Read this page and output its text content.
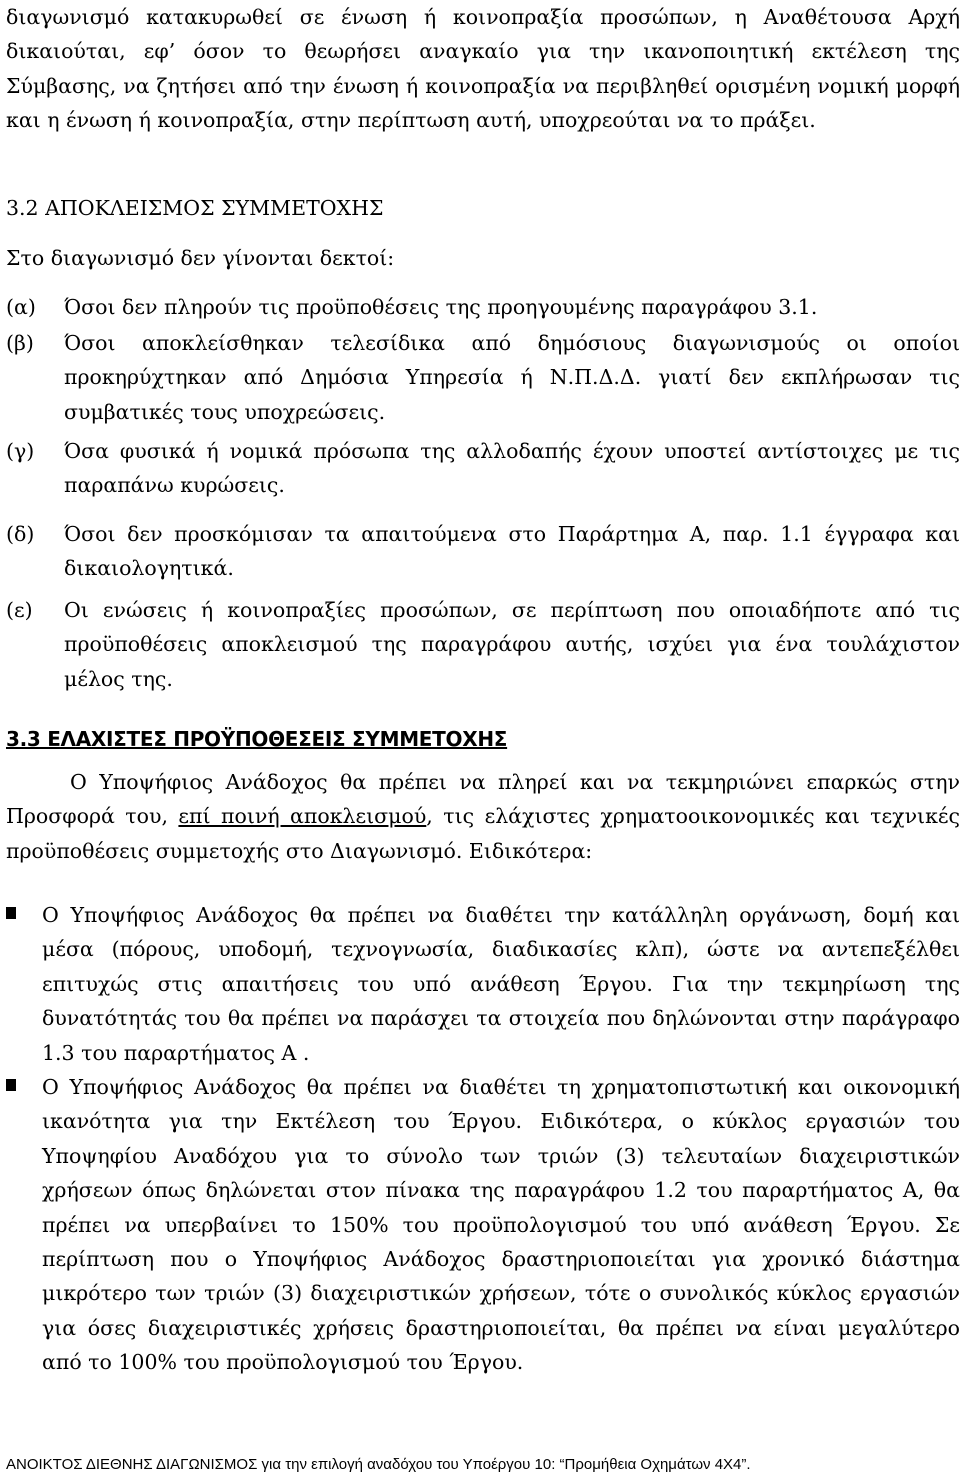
διαγωνισμό κατακυρωθεί σε ένωση ή κοινοπραξία προσώπων, η Αναθέτουσα Αρχή δικαιούται, εφ’ όσον το θεωρήσει αναγκαίο για την ικανοποιητική εκτέλεση της Σύμβασης, να ζητήσει από την ένωση ή κοινοπραξία να περιβληθεί ορισμένη νομική μορφή και η ένωση ή κοινοπραξία, στην περίπτωση αυτή, υποχρεούται να το πράξει.

3.2 ΑΠΟΚΛΕΙΣΜΟΣ ΣΥΜΜΕΤΟΧΗΣ

Στο διαγωνισμό δεν γίνονται δεκτοί:

(α)	Όσοι δεν πληρούν τις προϋποθέσεις της προηγουμένης παραγράφου 3.1.
(β)	Όσοι αποκλείσθηκαν τελεσίδικα από δημόσιους διαγωνισμούς οι οποίοι προκηρύχτηκαν από Δημόσια Υπηρεσία ή Ν.Π.Δ.Δ. γιατί δεν εκπλήρωσαν τις συμβατικές τους υποχρεώσεις.
(γ)	Όσα φυσικά ή νομικά πρόσωπα της αλλοδαπής έχουν υποστεί αντίστοιχες με τις παραπάνω κυρώσεις.
(δ)	Όσοι δεν προσκόμισαν τα απαιτούμενα στο Παράρτημα Α, παρ. 1.1 έγγραφα και δικαιολογητικά.
(ε)	Οι ενώσεις ή κοινοπραξίες προσώπων, σε περίπτωση που οποιαδήποτε από τις προϋποθέσεις αποκλεισμού της παραγράφου αυτής, ισχύει για ένα τουλάχιστον μέλος της.
3.3 ΕΛΑΧΙΣΤΕΣ ΠΡΟΫΠΟΘΕΣΕΙΣ ΣΥΜΜΕΤΟΧΗΣ

Ο Υποψήφιος Ανάδοχος θα πρέπει να πληρεί και να τεκμηριώνει επαρκώς στην Προσφορά του, επί ποινή αποκλεισμού, τις ελάχιστες χρηματοοικονομικές και τεχνικές προϋποθέσεις συμμετοχής στο Διαγωνισμό. Ειδικότερα:

Ο Υποψήφιος Ανάδοχος θα πρέπει να διαθέτει την κατάλληλη οργάνωση, δομή και μέσα (πόρους, υποδομή, τεχνογνωσία, διαδικασίες κλπ), ώστε να αντεπεξέλθει επιτυχώς στις απαιτήσεις του υπό ανάθεση Έργου. Για την τεκμηρίωση της δυνατότητάς του θα πρέπει να παράσχει τα στοιχεία που δηλώνονται στην παράγραφο 1.3 του παραρτήματος Α .
Ο Υποψήφιος Ανάδοχος θα πρέπει να διαθέτει τη χρηματοπιστωτική και οικονομική ικανότητα για την Εκτέλεση του Έργου. Ειδικότερα, ο κύκλος εργασιών του Υποψηφίου Αναδόχου για το σύνολο των τριών (3) τελευταίων διαχειριστικών χρήσεων όπως δηλώνεται στον πίνακα της παραγράφου 1.2 του παραρτήματος Α, θα πρέπει να υπερβαίνει το 150% του προϋπολογισμού του υπό ανάθεση Έργου. Σε περίπτωση που ο Υποψήφιος Ανάδοχος δραστηριοποιείται για χρονικό διάστημα μικρότερο των τριών (3) διαχειριστικών χρήσεων, τότε ο συνολικός κύκλος εργασιών για όσες διαχειριστικές χρήσεις δραστηριοποιείται, θα πρέπει να είναι μεγαλύτερο από το 100% του προϋπολογισμού του Έργου.
ΑΝΟΙΚΤΟΣ ΔΙΕΘΝΗΣ ΔΙΑΓΩΝΙΣΜΟΣ για την επιλογή αναδόχου του Υποέργου 10: “Προμήθεια Οχημάτων 4Χ4”.
